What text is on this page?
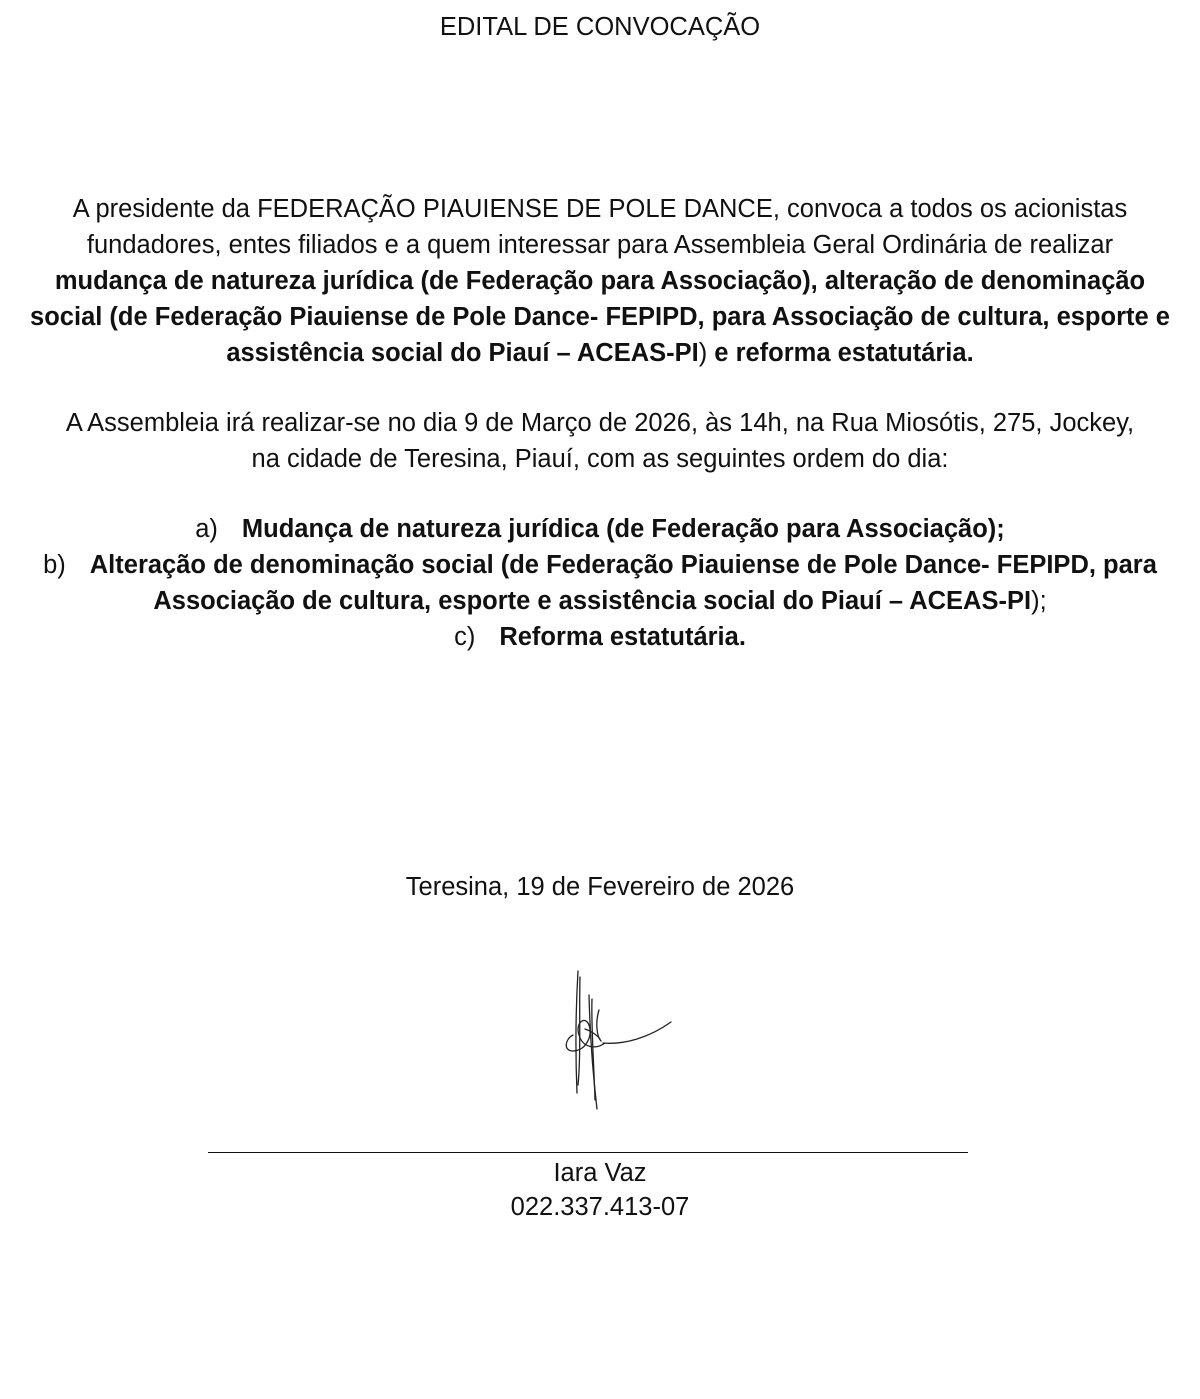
EDITAL DE CONVOCAÇÃO
A presidente da FEDERAÇÃO PIAUIENSE DE POLE DANCE, convoca a todos os acionistas
fundadores, entes filiados e a quem interessar para Assembleia Geral Ordinária de realizar
mudança de natureza jurídica (de Federação para Associação), alteração de denominação
social (de Federação Piauiense de Pole Dance- FEPIPD, para Associação de cultura, esporte e
assistência social do Piauí – ACEAS-PI) e reforma estatutária.
A Assembleia irá realizar-se no dia 9 de Março de 2026, às 14h, na Rua Miosótis, 275, Jockey,
na cidade de Teresina, Piauí, com as seguintes ordem do dia:
a) Mudança de natureza jurídica (de Federação para Associação);
b) Alteração de denominação social (de Federação Piauiense de Pole Dance- FEPIPD, para
Associação de cultura, esporte e assistência social do Piauí – ACEAS-PI);
c) Reforma estatutária.
Teresina, 19 de Fevereiro de 2026
Iara Vaz
022.337.413-07
